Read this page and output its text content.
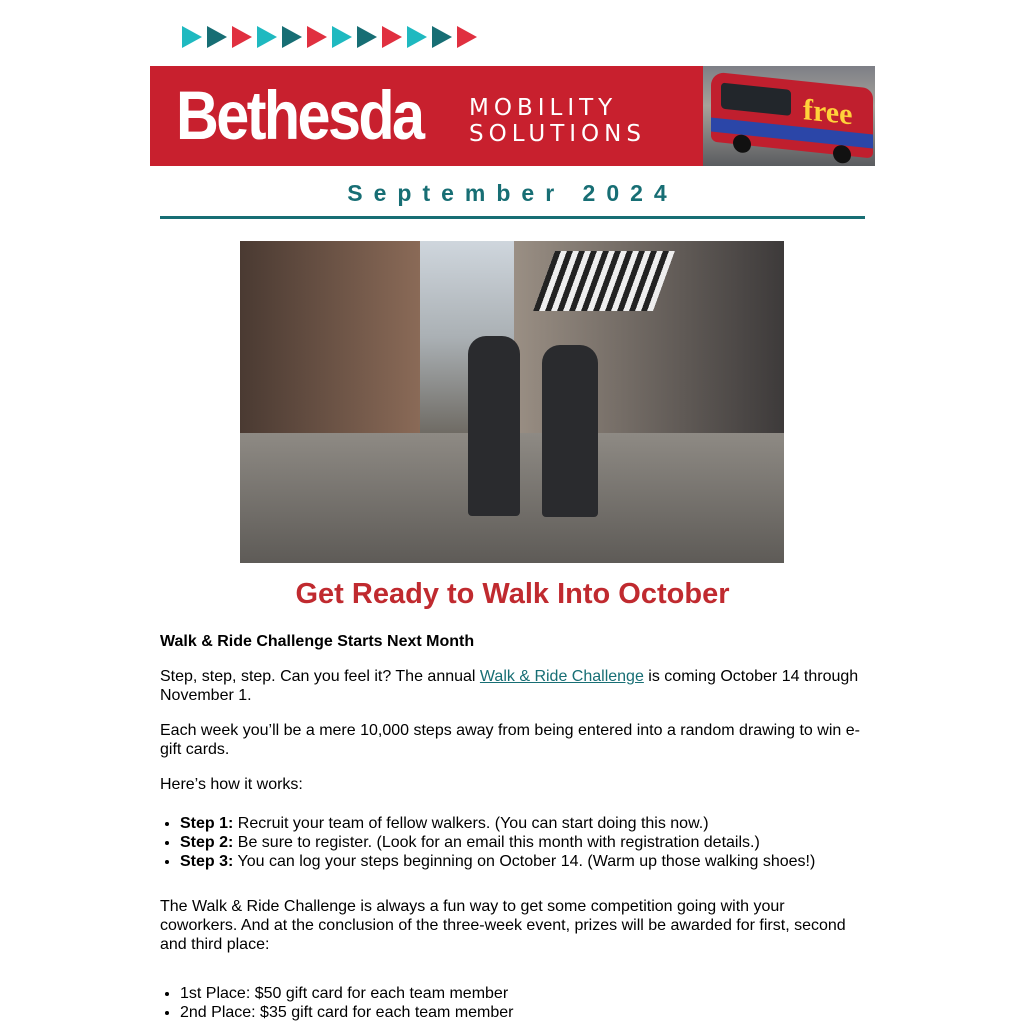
Bethesda MOBILITY
SOLUTIONS
free
September 2024
Get Ready to Walk Into October

Walk & Ride Challenge Starts Next Month

Step, step, step. Can you feel it? The annual Walk & Ride Challenge is coming October 14 through November 1.

Each week you’ll be a mere 10,000 steps away from being entered into a random drawing to win e-gift cards.

Here’s how it works:

• Step 1: Recruit your team of fellow walkers. (You can start doing this now.)
• Step 2: Be sure to register. (Look for an email this month with registration details.)
• Step 3: You can log your steps beginning on October 14. (Warm up those walking shoes!)

The Walk & Ride Challenge is always a fun way to get some competition going with your coworkers. And at the conclusion of the three-week event, prizes will be awarded for first, second and third place:

• 1st Place: $50 gift card for each team member
• 2nd Place: $35 gift card for each team member
